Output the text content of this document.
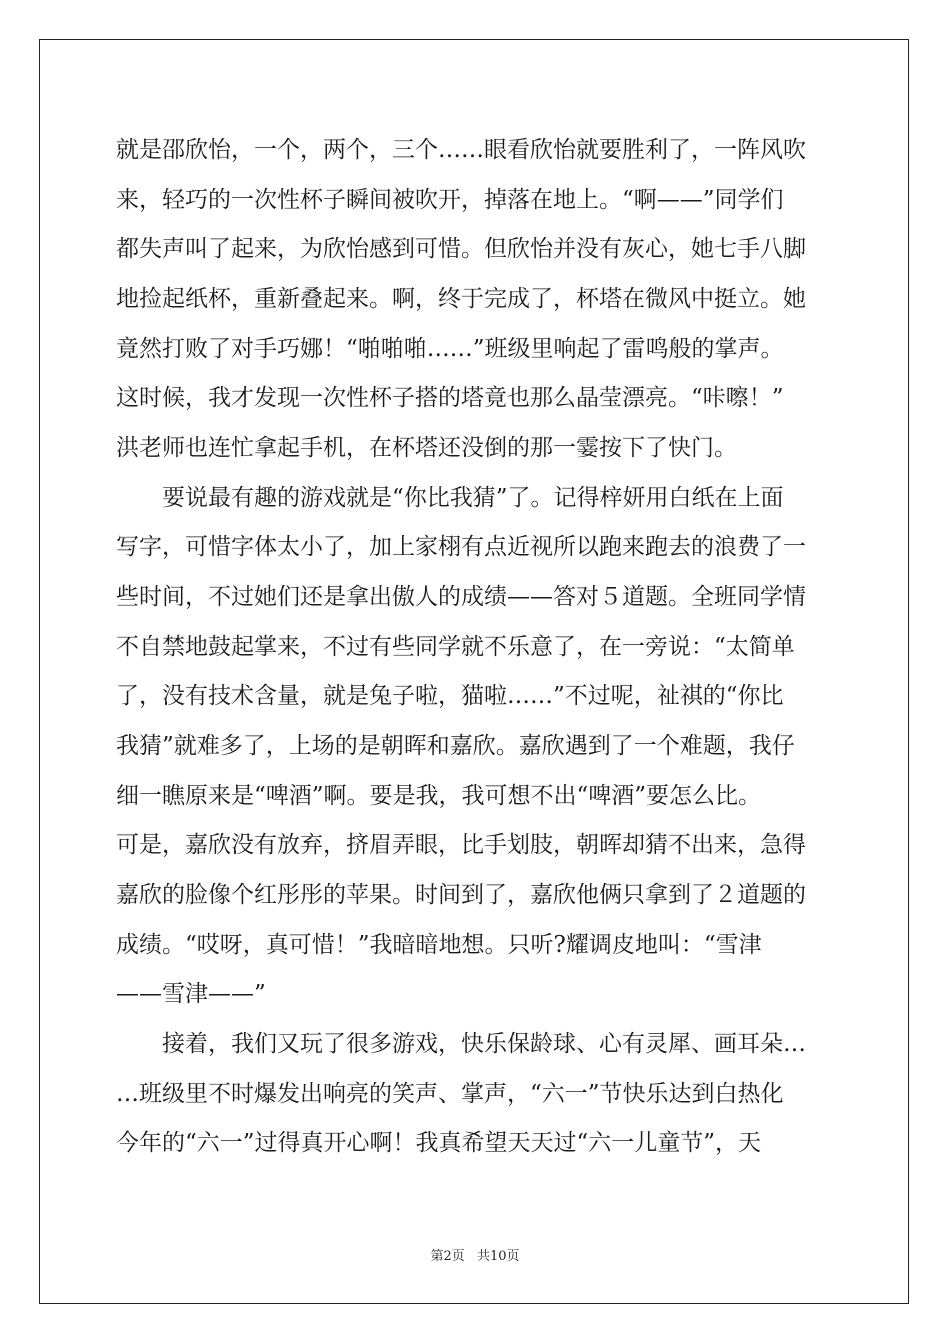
就是邵欣怡，一个，两个，三个……眼看欣怡就要胜利了，一阵风吹
来，轻巧的一次性杯子瞬间被吹开，掉落在地上。“啊——”同学们
都失声叫了起来，为欣怡感到可惜。但欣怡并没有灰心，她七手八脚
地捡起纸杯，重新叠起来。啊，终于完成了，杯塔在微风中挺立。她
竟然打败了对手巧娜！“啪啪啪……”班级里响起了雷鸣般的掌声。
这时候，我才发现一次性杯子搭的塔竟也那么晶莹漂亮。“咔嚓！”
洪老师也连忙拿起手机，在杯塔还没倒的那一霎按下了快门。
要说最有趣的游戏就是“你比我猜”了。记得梓妍用白纸在上面
写字，可惜字体太小了，加上家栩有点近视所以跑来跑去的浪费了一
些时间，不过她们还是拿出傲人的成绩——答对５道题。全班同学情
不自禁地鼓起掌来，不过有些同学就不乐意了，在一旁说：“太简单
了，没有技术含量，就是兔子啦，猫啦……”不过呢，祉祺的“你比
我猜”就难多了，上场的是朝晖和嘉欣。嘉欣遇到了一个难题，我仔
细一瞧原来是“啤酒”啊。要是我，我可想不出“啤酒”要怎么比。
可是，嘉欣没有放弃，挤眉弄眼，比手划肢，朝晖却猜不出来，急得
嘉欣的脸像个红彤彤的苹果。时间到了，嘉欣他俩只拿到了２道题的
成绩。“哎呀，真可惜！”我暗暗地想。只听?耀调皮地叫：“雪津
——雪津——”
接着，我们又玩了很多游戏，快乐保龄球、心有灵犀、画耳朵…
…班级里不时爆发出响亮的笑声、掌声，“六一”节快乐达到白热化
今年的“六一”过得真开心啊！我真希望天天过“六一儿童节”，天
第2页 共10页
